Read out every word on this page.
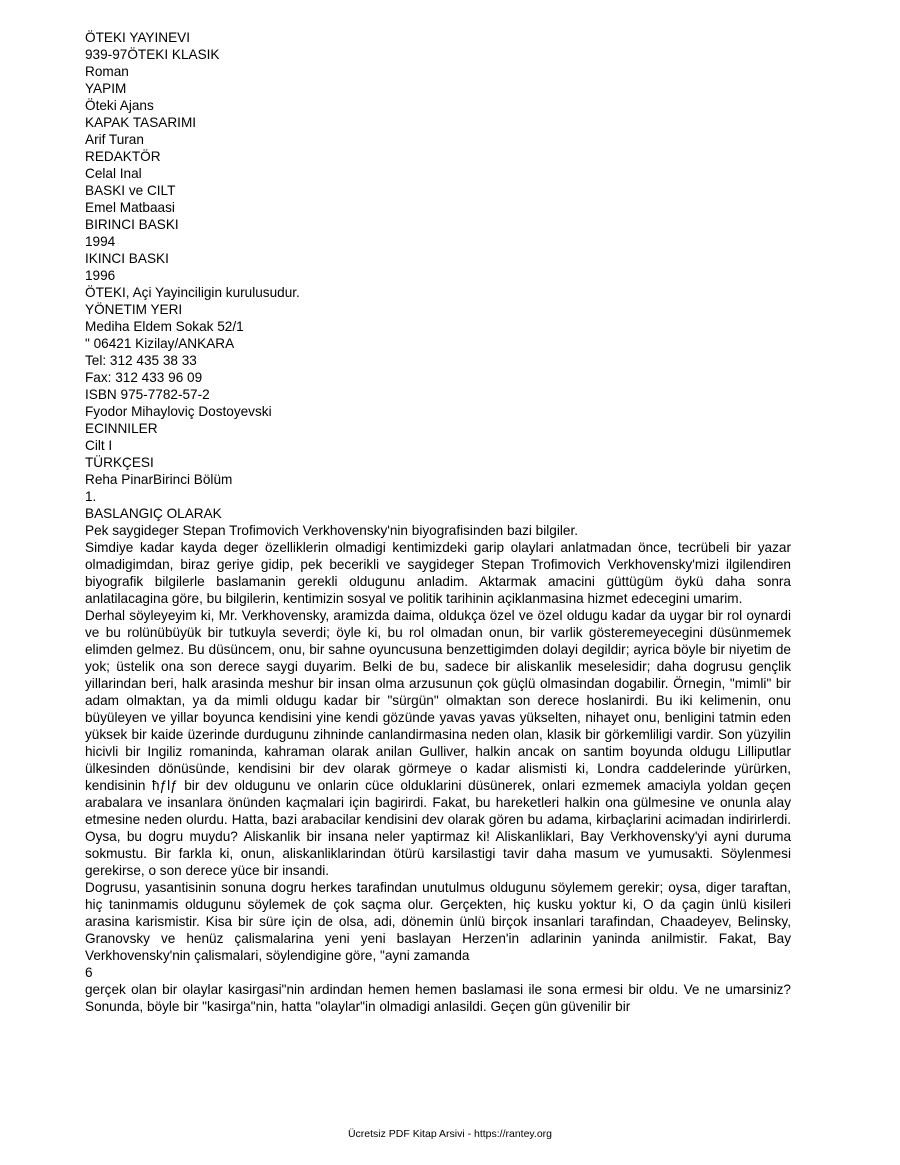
ÖTEKI YAYINEVI
939-97ÖTEKI KLASIK
Roman
YAPIM
Öteki Ajans
KAPAK TASARIMI
Arif Turan
REDAKTÖR
Celal Inal
BASKI ve CILT
Emel Matbaasi
BIRINCI BASKI
1994
IKINCI BASKI
1996
ÖTEKI, Açi Yayinciligin kurulusudur.
YÖNETIM YERI
Mediha Eldem Sokak 52/1
" 06421 Kizilay/ANKARA
Tel: 312 435 38 33
Fax: 312 433 96 09
ISBN 975-7782-57-2
Fyodor Mihayloviç Dostoyevski
ECINNILER
Cilt I
TÜRKÇESI
Reha PinarBirinci Bölüm
1.
BASLANGIÇ OLARAK
Pek saygideger Stepan Trofimovich Verkhovensky'nin biyografisinden bazi bilgiler.

Simdiye kadar kayda deger özelliklerin olmadigi kentimizdeki garip olaylari anlatmadan önce, tecrübeli bir yazar olmadigimdan, biraz geriye gidip, pek becerikli ve saygideger Stepan Trofimovich Verkhovensky'mizi ilgilendiren biyografik bilgilerle baslamanin gerekli oldugunu anladim. Aktarmak amacini güttügüm öykü daha sonra anlatilacagina göre, bu bilgilerin, kentimizin sosyal ve politik tarihinin açiklanmasina hizmet edecegini umarim.

Derhal söyleyeyim ki, Mr. Verkhovensky, aramizda daima, oldukça özel ve özel oldugu kadar da uygar bir rol oynardi ve bu rolünübüyük bir tutkuyla severdi; öyle ki, bu rol olmadan onun, bir varlik gösteremeyecegini düsünmemek elimden gelmez. Bu düsüncem, onu, bir sahne oyuncusuna benzettigimden dolayi degildir; ayrica böyle bir niyetim de yok; üstelik ona son derece saygi duyarim. Belki de bu, sadece bir aliskanlik meselesidir; daha dogrusu gençlik yillarindan beri, halk arasinda meshur bir insan olma arzusunun çok güçlü olmasindan dogabilir. Örnegin, "mimli" bir adam olmaktan, ya da mimli oldugu kadar bir "sürgün" olmaktan son derece hoslanirdi. Bu iki kelimenin, onu büyüleyen ve yillar boyunca kendisini yine kendi gözünde yavas yavas yükselten, nihayet onu, benligini tatmin eden yüksek bir kaide üzerinde durdugunu zihninde canlandirmasina neden olan, klasik bir görkemliligi vardir. Son yüzyilin hicivli bir Ingiliz romaninda, kahraman olarak anilan Gulliver, halkin ancak on santim boyunda oldugu Lilliputlar ülkesinden dönüsünde, kendisini bir dev olarak görmeye o kadar alismisti ki, Londra caddelerinde yürürken, kendisinin ħƒlƒ bir dev oldugunu ve onlarin cüce olduklarini düsünerek, onlari ezmemek amaciyla yoldan geçen arabalara ve insanlara önünden kaçmalari için bagirirdi. Fakat, bu hareketleri halkin ona gülmesine ve onunla alay etmesine neden olurdu. Hatta, bazi arabacilar kendisini dev olarak gören bu adama, kirbaçlarini acimadan indirirlerdi. Oysa, bu dogru muydu? Aliskanlik bir insana neler yaptirmaz ki! Aliskanliklari, Bay Verkhovensky'yi ayni duruma sokmustu. Bir farkla ki, onun, aliskanliklarindan ötürü karsilastigi tavir daha masum ve yumusakti. Söylenmesi gerekirse, o son derece yüce bir insandi.

Dogrusu, yasantisinin sonuna dogru herkes tarafindan unutulmus oldugunu söylemem gerekir; oysa, diger taraftan, hiç taninmamis oldugunu söylemek de çok saçma olur. Gerçekten, hiç kusku yoktur ki, O da çagin ünlü kisileri arasina karismistir. Kisa bir süre için de olsa, adi, dönemin ünlü birçok insanlari tarafindan, Chaadeyev, Belinsky, Granovsky ve henüz çalismalarina yeni yeni baslayan Herzen'in adlarinin yaninda anilmistir. Fakat, Bay Verkhovensky'nin çalismalari, söylendigine göre, "ayni zamanda

6

gerçek olan bir olaylar kasirgasi"nin ardindan hemen hemen baslamasi ile sona ermesi bir oldu. Ve ne umarsiniz? Sonunda, böyle bir "kasirga"nin, hatta "olaylar"in olmadigi anlasildi. Geçen gün güvenilir bir

Ücretsiz PDF Kitap Arsivi - https://rantey.org
